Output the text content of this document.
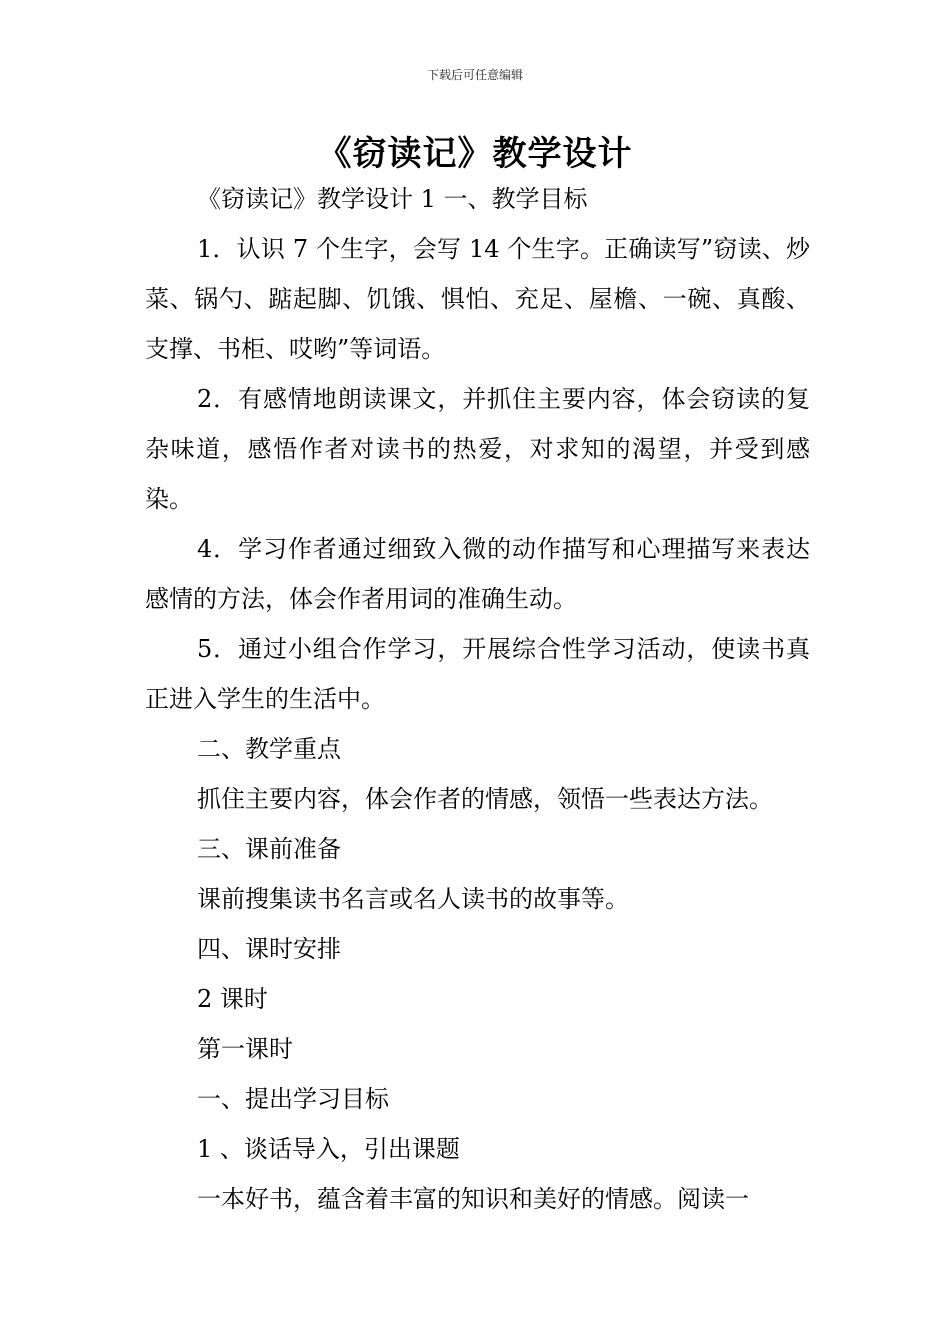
下载后可任意编辑
《窃读记》教学设计

《窃读记》教学设计 1 一、教学目标

1．认识 7 个生字，会写 14 个生字。正确读写”窃读、炒菜、锅勺、踮起脚、饥饿、惧怕、充足、屋檐、一碗、真酸、支撑、书柜、哎哟”等词语。

2．有感情地朗读课文，并抓住主要内容，体会窃读的复杂味道，感悟作者对读书的热爱，对求知的渴望，并受到感染。

4．学习作者通过细致入微的动作描写和心理描写来表达感情的方法，体会作者用词的准确生动。

5．通过小组合作学习，开展综合性学习活动，使读书真正进入学生的生活中。

二、教学重点

抓住主要内容，体会作者的情感，领悟一些表达方法。

三、课前准备

课前搜集读书名言或名人读书的故事等。

四、课时安排

2 课时

第一课时

一、提出学习目标

1 、谈话导入，引出课题

一本好书，蕴含着丰富的知识和美好的情感。阅读一
